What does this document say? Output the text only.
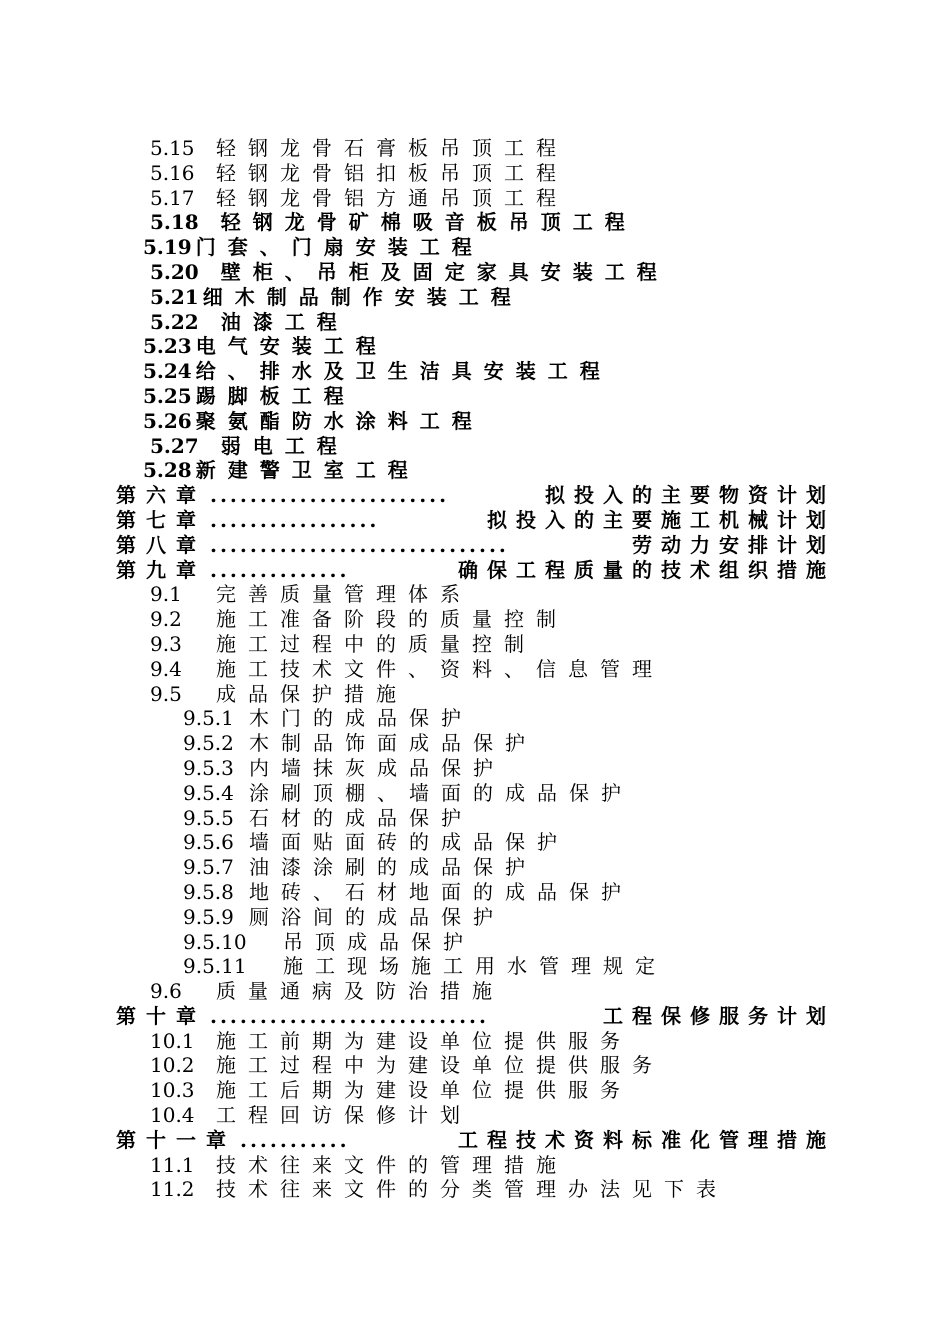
5.15 轻钢龙骨石膏板吊顶工程
5.16 轻钢龙骨铝扣板吊顶工程
5.17 轻钢龙骨铝方通吊顶工程
5.18 轻钢龙骨矿棉吸音板吊顶工程
5.19 门套、门扇安装工程
5.20 壁柜、吊柜及固定家具安装工程
5.21 细木制品制作安装工程
5.22 油漆工程
5.23 电气安装工程
5.24 给、排水及卫生洁具安装工程
5.25 踢脚板工程
5.26 聚氨酯防水涂料工程
5.27 弱电工程
5.28 新建警卫室工程
第六章 ........................	拟投入的主要物资计划
第七章 .................	拟投入的主要施工机械计划
第八章 ..............................	劳动力安排计划
第九章 ..............	确保工程质量的技术组织措施
9.1 完善质量管理体系
9.2 施工准备阶段的质量控制
9.3 施工过程中的质量控制
9.4 施工技术文件、资料、信息管理
9.5 成品保护措施
9.5.1 木门的成品保护
9.5.2 木制品饰面成品保护
9.5.3 内墙抹灰成品保护
9.5.4 涂刷顶棚、墙面的成品保护
9.5.5 石材的成品保护
9.5.6 墙面贴面砖的成品保护
9.5.7 油漆涂刷的成品保护
9.5.8 地砖、石材地面的成品保护
9.5.9 厕浴间的成品保护
9.5.10 吊顶成品保护
9.5.11 施工现场施工用水管理规定
9.6 质量通病及防治措施
第十章 ............................	工程保修服务计划
10.1 施工前期为建设单位提供服务
10.2 施工过程中为建设单位提供服务
10.3 施工后期为建设单位提供服务
10.4 工程回访保修计划
第十一章 ...........	工程技术资料标准化管理措施
11.1 技术往来文件的管理措施
11.2 技术往来文件的分类管理办法见下表
